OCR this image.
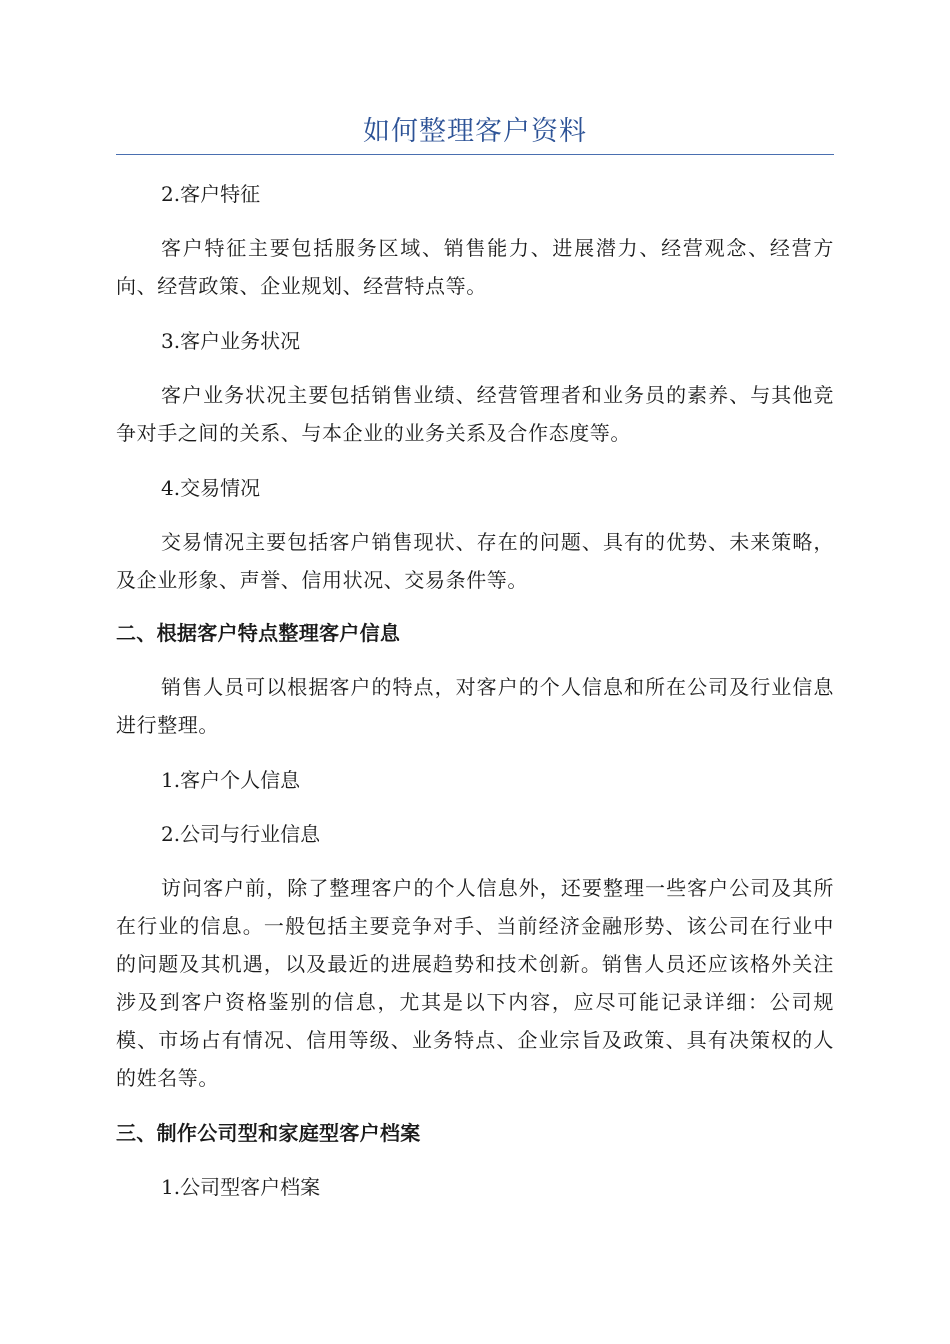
如何整理客户资料

2.客户特征

客户特征主要包括服务区域、销售能力、进展潜力、经营观念、经营方向、经营政策、企业规划、经营特点等。

3.客户业务状况

客户业务状况主要包括销售业绩、经营管理者和业务员的素养、与其他竞争对手之间的关系、与本企业的业务关系及合作态度等。

4.交易情况

交易情况主要包括客户销售现状、存在的问题、具有的优势、未来策略，及企业形象、声誉、信用状况、交易条件等。

二、根据客户特点整理客户信息

销售人员可以根据客户的特点，对客户的个人信息和所在公司及行业信息进行整理。

1.客户个人信息

2.公司与行业信息

访问客户前，除了整理客户的个人信息外，还要整理一些客户公司及其所在行业的信息。一般包括主要竞争对手、当前经济金融形势、该公司在行业中的问题及其机遇，以及最近的进展趋势和技术创新。销售人员还应该格外关注涉及到客户资格鉴别的信息，尤其是以下内容，应尽可能记录详细：公司规模、市场占有情况、信用等级、业务特点、企业宗旨及政策、具有决策权的人的姓名等。

三、制作公司型和家庭型客户档案

1.公司型客户档案
